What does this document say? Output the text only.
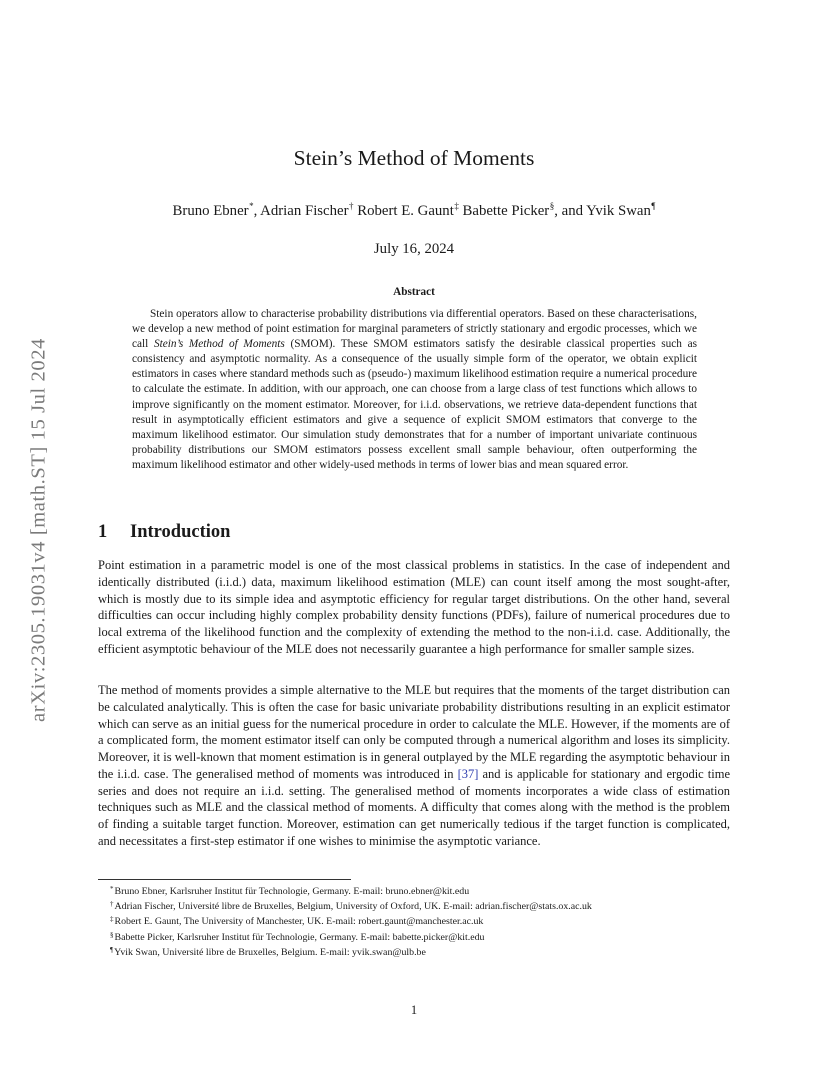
arXiv:2305.19031v4 [math.ST] 15 Jul 2024
Stein’s Method of Moments
Bruno Ebner*, Adrian Fischer† Robert E. Gaunt‡ Babette Picker§, and Yvik Swan¶
July 16, 2024
Abstract

Stein operators allow to characterise probability distributions via differential operators. Based on these characterisations, we develop a new method of point estimation for marginal parameters of strictly stationary and ergodic processes, which we call Stein’s Method of Moments (SMOM). These SMOM estimators satisfy the desirable classical properties such as consistency and asymptotic normality. As a consequence of the usually simple form of the operator, we obtain explicit estimators in cases where standard methods such as (pseudo-) maximum likelihood estimation require a numerical procedure to calculate the estimate. In addition, with our approach, one can choose from a large class of test functions which allows to improve significantly on the moment estimator. Moreover, for i.i.d. observations, we retrieve data-dependent functions that result in asymptotically efficient estimators and give a sequence of explicit SMOM estimators that converge to the maximum likelihood estimator. Our simulation study demonstrates that for a number of important univariate continuous probability distributions our SMOM estimators possess excellent small sample behaviour, often outperforming the maximum likelihood estimator and other widely-used methods in terms of lower bias and mean squared error.

1 Introduction

Point estimation in a parametric model is one of the most classical problems in statistics. In the case of independent and identically distributed (i.i.d.) data, maximum likelihood estimation (MLE) can count itself among the most sought-after, which is mostly due to its simple idea and asymptotic efficiency for regular target distributions. On the other hand, several difficulties can occur including highly complex probability density functions (PDFs), failure of numerical procedures due to local extrema of the likelihood function and the complexity of extending the method to the non-i.i.d. case. Additionally, the efficient asymptotic behaviour of the MLE does not necessarily guarantee a high performance for smaller sample sizes.

The method of moments provides a simple alternative to the MLE but requires that the moments of the target distribution can be calculated analytically. This is often the case for basic univariate probability distributions resulting in an explicit estimator which can serve as an initial guess for the numerical procedure in order to calculate the MLE. However, if the moments are of a complicated form, the moment estimator itself can only be computed through a numerical algorithm and loses its simplicity. Moreover, it is well-known that moment estimation is in general outplayed by the MLE regarding the asymptotic behaviour in the i.i.d. case. The generalised method of moments was introduced in [37] and is applicable for stationary and ergodic time series and does not require an i.i.d. setting. The generalised method of moments incorporates a wide class of estimation techniques such as MLE and the classical method of moments. A difficulty that comes along with the method is the problem of finding a suitable target function. Moreover, estimation can get numerically tedious if the target function is complicated, and necessitates a first-step estimator if one wishes to minimise the asymptotic variance.

*Bruno Ebner, Karlsruher Institut für Technologie, Germany. E-mail: bruno.ebner@kit.edu
†Adrian Fischer, Université libre de Bruxelles, Belgium, University of Oxford, UK. E-mail: adrian.fischer@stats.ox.ac.uk
‡Robert E. Gaunt, The University of Manchester, UK. E-mail: robert.gaunt@manchester.ac.uk
§Babette Picker, Karlsruher Institut für Technologie, Germany. E-mail: babette.picker@kit.edu
¶Yvik Swan, Université libre de Bruxelles, Belgium. E-mail: yvik.swan@ulb.be
1
